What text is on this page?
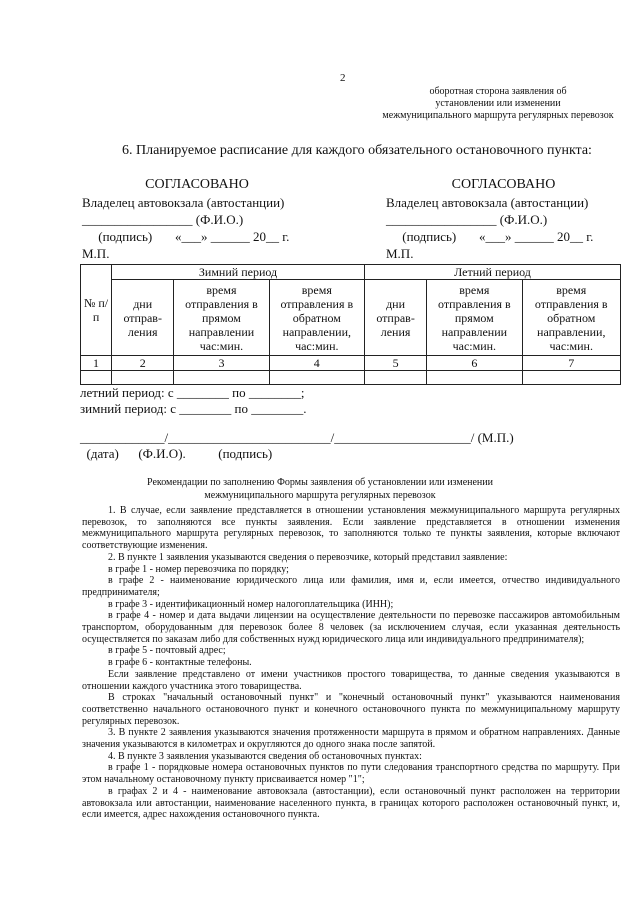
2
оборотная сторона заявления об
установлении или изменении
межмуниципального маршрута регулярных перевозок
6. Планируемое расписание для каждого обязательного остановочного пункта:
СОГЛАСОВАНО
Владелец автовокзала (автостанции)
_________________ (Ф.И.О.)
(подпись)       «___» ______ 20__ г.
М.П.
СОГЛАСОВАНО
Владелец автовокзала (автостанции)
_________________ (Ф.И.О.)
(подпись)       «___» ______ 20__ г.
М.П.
№ п/п	Зимний период			Летний период		
	дни отправ-ления	время отправления в прямом направлении час:мин.	время отправления в обратном направлении, час:мин.	дни отправ-ления	время отправления в прямом направлении час:мин.	время отправления в обратном направлении, час:мин.
1	2	3	4	5	6	7

летний период: с ________ по ________;
зимний период: с ________ по ________.
_____________/_________________________/_____________________/ (М.П.)
(дата)      (Ф.И.О).          (подпись)
Рекомендации по заполнению Формы заявления об установлении или изменении межмуниципального маршрута регулярных перевозок

1. В случае, если заявление представляется в отношении установления межмуниципального маршрута регулярных перевозок, то заполняются все пункты заявления. Если заявление представляется в отношении изменения межмуниципального маршрута регулярных перевозок, то заполняются только те пункты заявления, которые включают соответствующие изменения.

2. В пункте 1 заявления указываются сведения о перевозчике, который представил заявление:

в графе 1 - номер перевозчика по порядку;

в графе 2 - наименование юридического лица или фамилия, имя и, если имеется, отчество индивидуального предпринимателя;

в графе 3 - идентификационный номер налогоплательщика (ИНН);

в графе 4 - номер и дата выдачи лицензии на осуществление деятельности по перевозке пассажиров автомобильным транспортом, оборудованным для перевозок более 8 человек (за исключением случая, если указанная деятельность осуществляется по заказам либо для собственных нужд юридического лица или индивидуального предпринимателя);

в графе 5 - почтовый адрес;

в графе 6 - контактные телефоны.

Если заявление представлено от имени участников простого товарищества, то данные сведения указываются в отношении каждого участника этого товарищества.

В строках "начальный остановочный пункт" и "конечный остановочный пункт" указываются наименования соответственно начального остановочного пункт и конечного остановочного пункта по межмуниципальному маршруту регулярных перевозок.

3. В пункте 2 заявления указываются значения протяженности маршрута в прямом и обратном направлениях. Данные значения указываются в километрах и округляются до одного знака после запятой.

4. В пункте 3 заявления указываются сведения об остановочных пунктах:

в графе 1 - порядковые номера остановочных пунктов по пути следования транспортного средства по маршруту. При этом начальному остановочному пункту присваивается номер "1";

в графах 2 и 4 - наименование автовокзала (автостанции), если остановочный пункт расположен на территории автовокзала или автостанции, наименование населенного пункта, в границах которого расположен остановочный пункт, и, если имеется, адрес нахождения остановочного пункта.
